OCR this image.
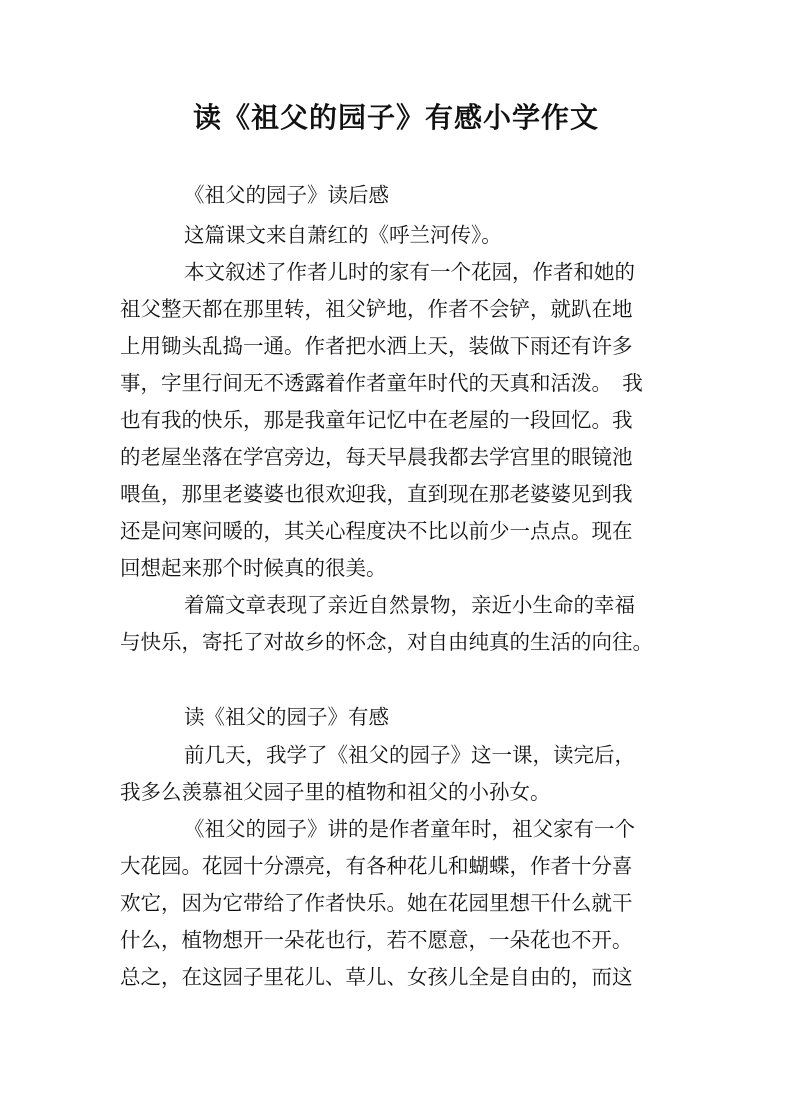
读《祖父的园子》有感小学作文

《祖父的园子》读后感

这篇课文来自萧红的《呼兰河传》。

本文叙述了作者儿时的家有一个花园，作者和她的

祖父整天都在那里转，祖父铲地，作者不会铲，就趴在地

上用锄头乱捣一通。作者把水洒上天，装做下雨还有许多

事，字里行间无不透露着作者童年时代的天真和活泼。　我

也有我的快乐，那是我童年记忆中在老屋的一段回忆。我

的老屋坐落在学宫旁边，每天早晨我都去学宫里的眼镜池

喂鱼，那里老婆婆也很欢迎我，直到现在那老婆婆见到我

还是问寒问暖的，其关心程度决不比以前少一点点。现在

回想起来那个时候真的很美。

着篇文章表现了亲近自然景物，亲近小生命的幸福

与快乐，寄托了对故乡的怀念，对自由纯真的生活的向往。

读《祖父的园子》有感

前几天，我学了《祖父的园子》这一课，读完后，

我多么羡慕祖父园子里的植物和祖父的小孙女。

《祖父的园子》讲的是作者童年时，祖父家有一个

大花园。花园十分漂亮，有各种花儿和蝴蝶，作者十分喜

欢它，因为它带给了作者快乐。她在花园里想干什么就干

什么，植物想开一朵花也行，若不愿意，一朵花也不开。

总之，在这园子里花儿、草儿、女孩儿全是自由的，而这
